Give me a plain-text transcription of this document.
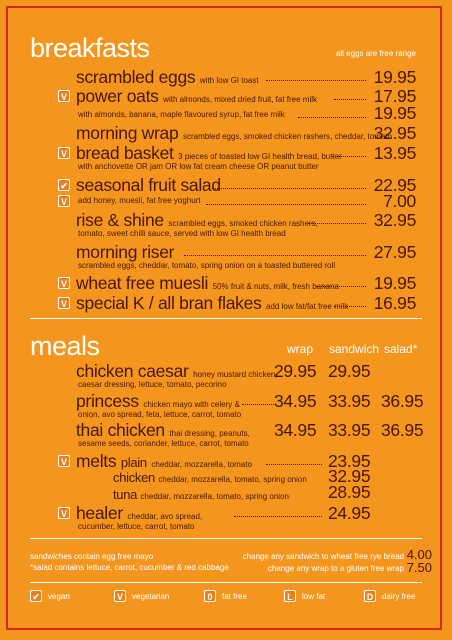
breakfasts	all eggs are free range
scrambled eggs with low GI toast	19.95
V power oats with almonds, mixed dried fruit, fat free milk	17.95
with almonds, banana, maple flavoured syrup, fat free milk	19.95
morning wrap scrambled eggs, smoked chicken rashers, cheddar, tomato
32.95
V bread basket 3 pieces of toasted low GI health bread, butter 13.95
with anchovette OR jam OR low fat cream cheese OR peanut butter
✔ seasonal fruit salad	22.95
V	add honey, muesli, fat free yoghurt	7.00
rise & shine scrambled eggs, smoked chicken rashers,	32.95
tomato, sweet chilli sauce, served with low GI health bread
morning riser	27.95
scrambled eggs, cheddar, tomato, spring onion on a toasted buttered roll
V wheat free muesli 50% fruit & nuts, milk, fresh banana 19.95
V special K / all bran flakes add low fat/fat free milk 16.95
meals	wrap sandwich salad*
chicken caesar honey mustard chicken,
caesar dressing, lettuce, tomato, pecorino
29.95 29.95
princess chicken mayo with celery &
onion, avo spread, feta, lettuce, carrot, tomato
34.95 33.95 36.95
thai chicken thai dressing, peanuts,
sesame seeds, coriander, lettuce, carrot, tomato
34.95 33.95 36.95
V melts plain cheddar, mozzarella, tomato	23.95
chicken cheddar, mozzarella, tomato, spring onion 32.95
tuna cheddar, mozzarella, tomato, spring onion 28.95
V healer cheddar, avo spread,
cucumber, lettuce, carrot, tomato
24.95
sandwiches contain egg free mayo
*salad contains lettuce, carrot, cucumber & red cabbage
change any sandwich to wheat free rye bread 4.00
change any wrap to a gluten free wrap 7.50
✔ vegan	V	vegetarian	0	fat free	L	low fat	D	dairy free
